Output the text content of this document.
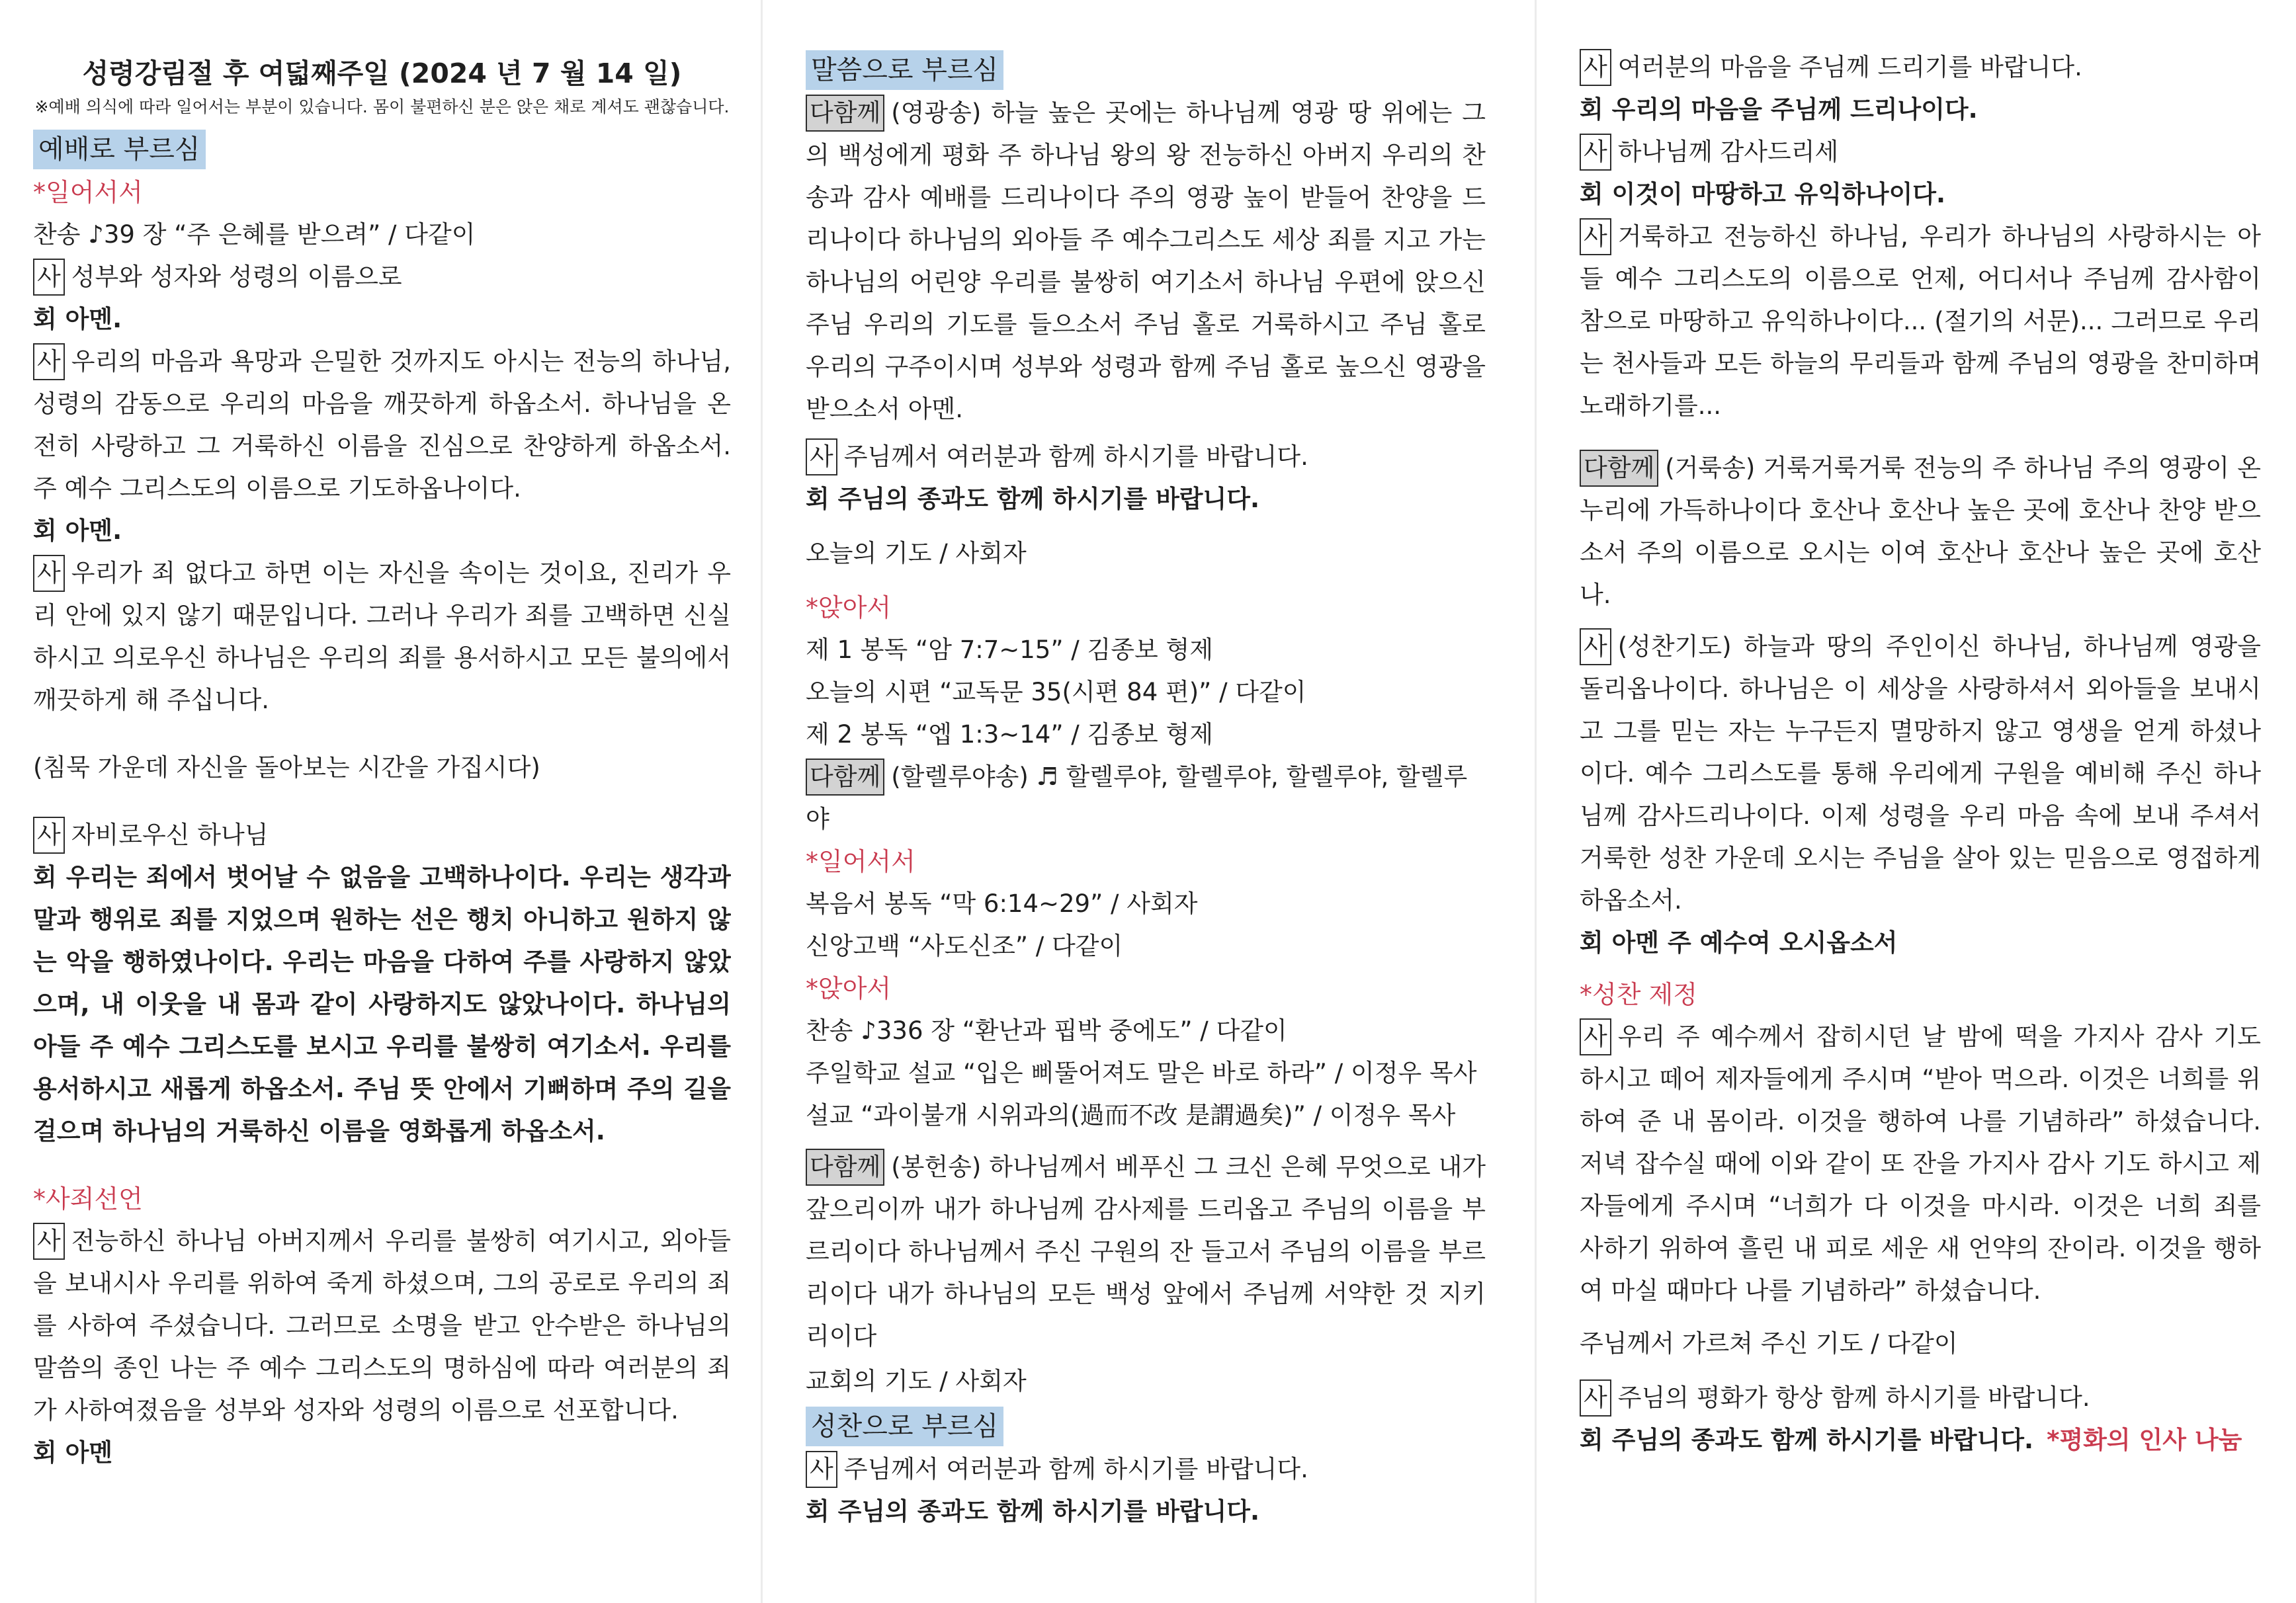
성령강림절 후 여덟째주일 (2024 년 7 월 14 일)

※예배 의식에 따라 일어서는 부분이 있습니다. 몸이 불편하신 분은 앉은 채로 계셔도 괜찮습니다.

예배로 부르심

*일어서서

찬송 ♪39 장 “주 은혜를 받으려” / 다같이

사 성부와 성자와 성령의 이름으로

회 아멘.

사 우리의 마음과 욕망과 은밀한 것까지도 아시는 전능의 하나님, 성령의 감동으로 우리의 마음을 깨끗하게 하옵소서. 하나님을 온전히 사랑하고 그 거룩하신 이름을 진심으로 찬양하게 하옵소서. 주 예수 그리스도의 이름으로 기도하옵나이다.

회 아멘.

사 우리가 죄 없다고 하면 이는 자신을 속이는 것이요, 진리가 우리 안에 있지 않기 때문입니다. 그러나 우리가 죄를 고백하면 신실하시고 의로우신 하나님은 우리의 죄를 용서하시고 모든 불의에서 깨끗하게 해 주십니다.

(침묵 가운데 자신을 돌아보는 시간을 가집시다)

사 자비로우신 하나님

회 우리는 죄에서 벗어날 수 없음을 고백하나이다. 우리는 생각과 말과 행위로 죄를 지었으며 원하는 선은 행치 아니하고 원하지 않는 악을 행하였나이다. 우리는 마음을 다하여 주를 사랑하지 않았으며, 내 이웃을 내 몸과 같이 사랑하지도 않았나이다. 하나님의 아들 주 예수 그리스도를 보시고 우리를 불쌍히 여기소서. 우리를 용서하시고 새롭게 하옵소서. 주님 뜻 안에서 기뻐하며 주의 길을 걸으며 하나님의 거룩하신 이름을 영화롭게 하옵소서.

*사죄선언

사 전능하신 하나님 아버지께서 우리를 불쌍히 여기시고, 외아들을 보내시사 우리를 위하여 죽게 하셨으며, 그의 공로로 우리의 죄를 사하여 주셨습니다. 그러므로 소명을 받고 안수받은 하나님의 말씀의 종인 나는 주 예수 그리스도의 명하심에 따라 여러분의 죄가 사하여졌음을 성부와 성자와 성령의 이름으로 선포합니다.

회 아멘

말씀으로 부르심

다함께 (영광송) 하늘 높은 곳에는 하나님께 영광 땅 위에는 그의 백성에게 평화 주 하나님 왕의 왕 전능하신 아버지 우리의 찬송과 감사 예배를 드리나이다 주의 영광 높이 받들어 찬양을 드리나이다 하나님의 외아들 주 예수그리스도 세상 죄를 지고 가는 하나님의 어린양 우리를 불쌍히 여기소서 하나님 우편에 앉으신 주님 우리의 기도를 들으소서 주님 홀로 거룩하시고 주님 홀로 우리의 구주이시며 성부와 성령과 함께 주님 홀로 높으신 영광을 받으소서 아멘.

사 주님께서 여러분과 함께 하시기를 바랍니다.

회 주님의 종과도 함께 하시기를 바랍니다.

오늘의 기도 / 사회자

*앉아서

제 1 봉독 “암 7:7~15” / 김종보 형제

오늘의 시편 “교독문 35(시편 84 편)” / 다같이

제 2 봉독 “엡 1:3~14” / 김종보 형제

다함께 (할렐루야송) ♬ 할렐루야, 할렐루야, 할렐루야, 할렐루야

*일어서서

복음서 봉독 “막 6:14~29” / 사회자

신앙고백 “사도신조” / 다같이

*앉아서

찬송 ♪336 장 “환난과 핍박 중에도” / 다같이

주일학교 설교 “입은 삐뚤어져도 말은 바로 하라” / 이정우 목사

설교 “과이불개 시위과의(過而不改 是謂過矣)” / 이정우 목사

다함께 (봉헌송) 하나님께서 베푸신 그 크신 은혜 무엇으로 내가 갚으리이까 내가 하나님께 감사제를 드리옵고 주님의 이름을 부르리이다 하나님께서 주신 구원의 잔 들고서 주님의 이름을 부르리이다 내가 하나님의 모든 백성 앞에서 주님께 서약한 것 지키리이다

교회의 기도 / 사회자

성찬으로 부르심

사 주님께서 여러분과 함께 하시기를 바랍니다.

회 주님의 종과도 함께 하시기를 바랍니다.

사 여러분의 마음을 주님께 드리기를 바랍니다.

회 우리의 마음을 주님께 드리나이다.

사 하나님께 감사드리세

회 이것이 마땅하고 유익하나이다.

사 거룩하고 전능하신 하나님, 우리가 하나님의 사랑하시는 아들 예수 그리스도의 이름으로 언제, 어디서나 주님께 감사함이 참으로 마땅하고 유익하나이다... (절기의 서문)... 그러므로 우리는 천사들과 모든 하늘의 무리들과 함께 주님의 영광을 찬미하며 노래하기를...

다함께 (거룩송) 거룩거룩거룩 전능의 주 하나님 주의 영광이 온누리에 가득하나이다 호산나 호산나 높은 곳에 호산나 찬양 받으소서 주의 이름으로 오시는 이여 호산나 호산나 높은 곳에 호산나.

사 (성찬기도) 하늘과 땅의 주인이신 하나님, 하나님께 영광을 돌리옵나이다. 하나님은 이 세상을 사랑하셔서 외아들을 보내시고 그를 믿는 자는 누구든지 멸망하지 않고 영생을 얻게 하셨나이다. 예수 그리스도를 통해 우리에게 구원을 예비해 주신 하나님께 감사드리나이다. 이제 성령을 우리 마음 속에 보내 주셔서 거룩한 성찬 가운데 오시는 주님을 살아 있는 믿음으로 영접하게 하옵소서.

회 아멘 주 예수여 오시옵소서

*성찬 제정

사 우리 주 예수께서 잡히시던 날 밤에 떡을 가지사 감사 기도 하시고 떼어 제자들에게 주시며 “받아 먹으라. 이것은 너희를 위하여 준 내 몸이라. 이것을 행하여 나를 기념하라” 하셨습니다. 저녁 잡수실 때에 이와 같이 또 잔을 가지사 감사 기도 하시고 제자들에게 주시며 “너희가 다 이것을 마시라. 이것은 너희 죄를 사하기 위하여 흘린 내 피로 세운 새 언약의 잔이라. 이것을 행하여 마실 때마다 나를 기념하라” 하셨습니다.

주님께서 가르쳐 주신 기도 / 다같이

사 주님의 평화가 항상 함께 하시기를 바랍니다.

회 주님의 종과도 함께 하시기를 바랍니다. *평화의 인사 나눔
